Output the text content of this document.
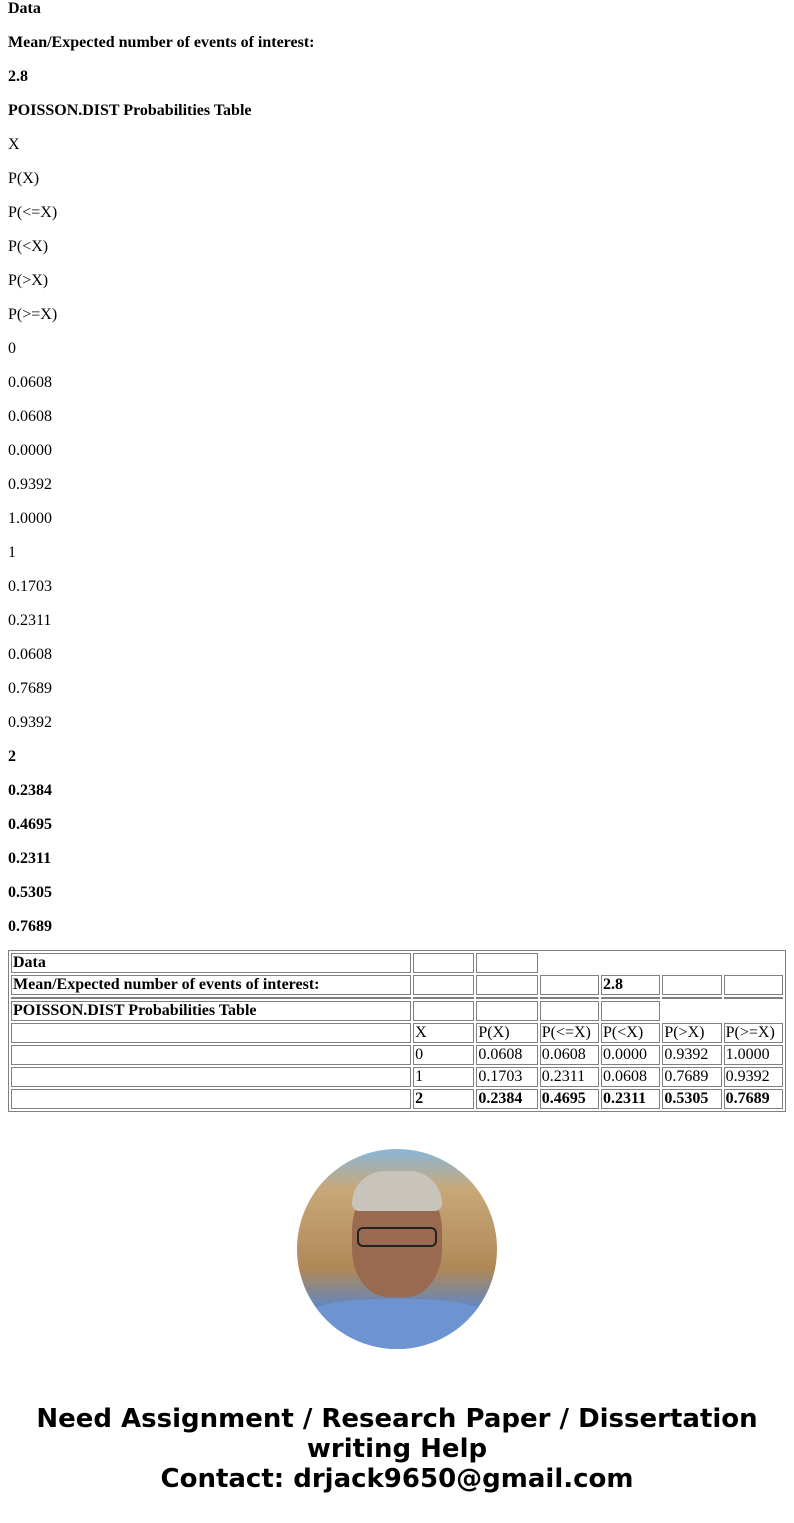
Data

Mean/Expected number of events of interest:

2.8

POISSON.DIST Probabilities Table

X

P(X)

P(<=X)

P(<X)

P(>X)

P(>=X)

0

0.0608

0.0608

0.0000

0.9392

1.0000

1

0.1703

0.2311

0.0608

0.7689

0.9392

2

0.2384

0.4695

0.2311

0.5305

0.7689

Data						
Mean/Expected number of events of interest:				2.8		

POISSON.DIST Probabilities Table						
	X	P(X)	P(<=X)	P(<X)	P(>X)	P(>=X)
	0	0.0608	0.0608	0.0000	0.9392	1.0000
	1	0.1703	0.2311	0.0608	0.7689	0.9392
	2	0.2384	0.4695	0.2311	0.5305	0.7689
Need Assignment / Research Paper / Dissertation writing Help
Contact: drjack9650@gmail.com
